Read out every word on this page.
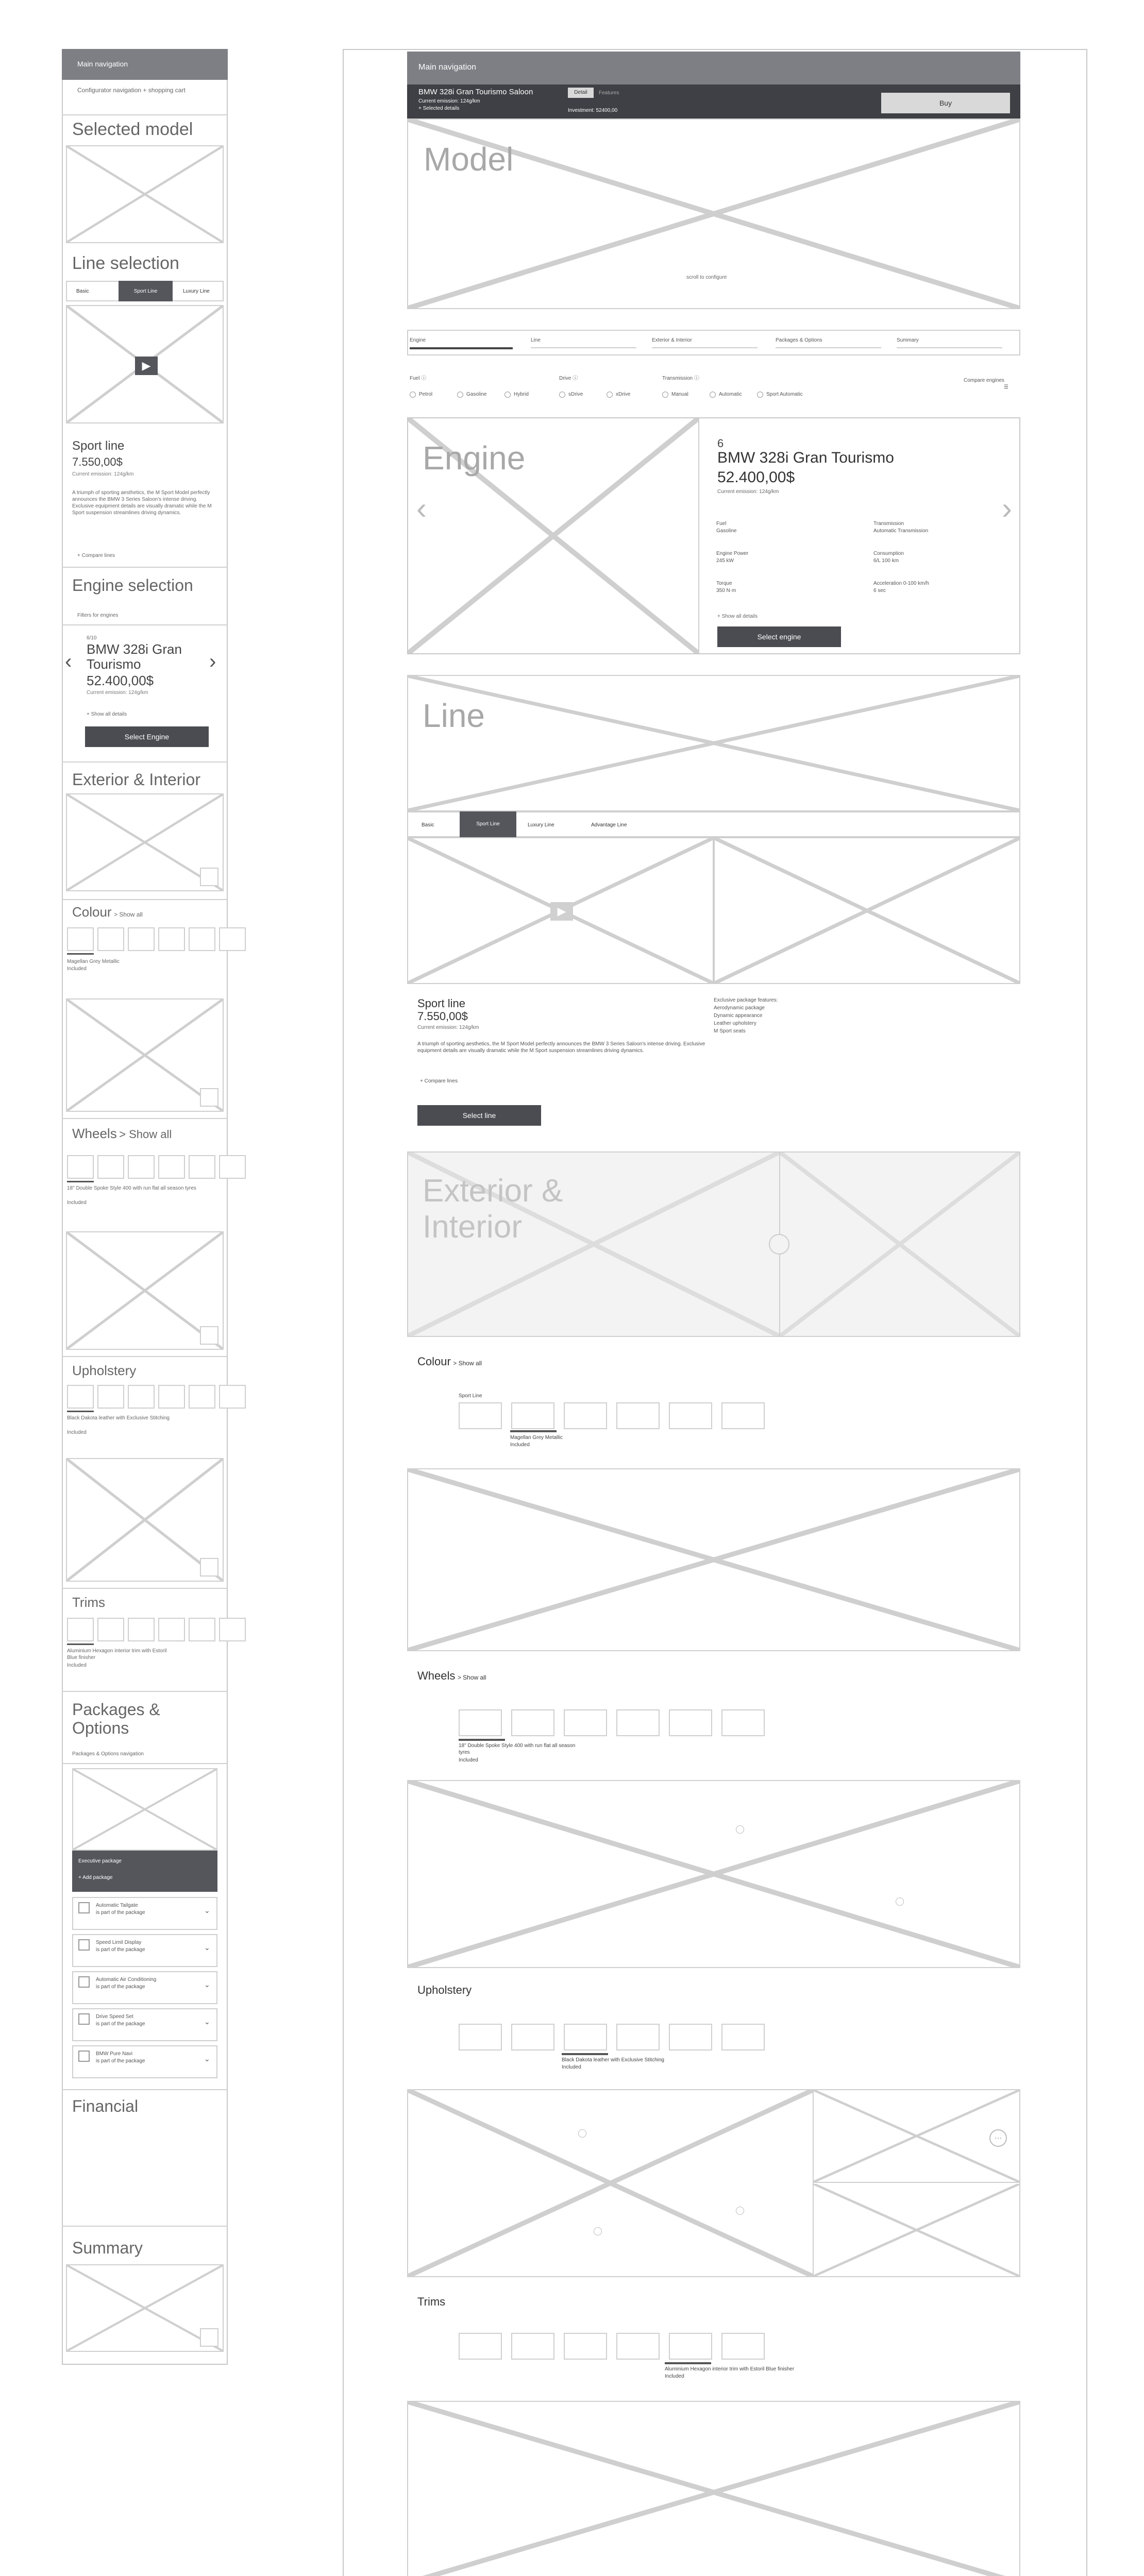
Main navigation
Configurator navigation + shopping cart
Selected model
Line selection
Basic	Sport Line	Luxury Line
▶
Sport line
7.550,00$
Current emission: 124g/km
A triumph of sporting aesthetics, the M Sport Model perfectly announces the BMW 3 Series Saloon's intense driving. Exclusive equipment details are visually dramatic while the M Sport suspension streamlines driving dynamics.
+ Compare lines
Engine selection
Filters for engines
‹	›
6/10
BMW 328i Gran Tourismo
52.400,00$
Current emission: 124g/km
+ Show all details
Select Engine
Exterior & Interior
Colour > Show all
Magellan Grey Metallic
Included
Wheels > Show all
18" Double Spoke Style 400 with run flat all season tyres
Included
Upholstery
Black Dakota leather with Exclusive Stitching
Included
Trims
Aluminium Hexagon interior trim with Estoril Blue finisher
Included
Packages & Options
Packages & Options navigation
Executive package
+ Add package
Financial
Summary
Main navigation
BMW 328i Gran Tourismo Saloon
Current emission: 124g/km
+ Selected details
Detail	Features
Investment: 52400,00
Buy
Model
scroll to configure
Fuel ⓘ	Drive ⓘ	Transmission ⓘ	Compare engines
☰
Engine
‹	›
6
BMW 328i Gran Tourismo
52.400,00$
Current emission: 124g/km
+ Show all details
Select engine
Line
Basic	Sport Line	Luxury Line	Advantage Line
▶
Sport line
7.550,00$
Current emission: 124g/km
A triumph of sporting aesthetics, the M Sport Model perfectly announces the BMW 3 Series Saloon's intense driving. Exclusive equipment details are visually dramatic while the M Sport suspension streamlines driving dynamics.
+ Compare lines
Select line
Exterior & Interior
Colour > Show all
Sport Line
Magellan Grey Metallic
Included
Wheels > Show all
18" Double Spoke Style 400 with run flat all season tyres
Included
Upholstery
Black Dakota leather with Exclusive Stitching
Included
···
Trims
Aluminium Hexagon interior trim with Estoril Blue finisher
Included
Automatic Tailgate
is part of the package	⌄
Speed Limit Display
is part of the package	⌄
Automatic Air Conditioning
is part of the package	⌄
Drive Speed Set
is part of the package	⌄
BMW Pure Navi
is part of the package	⌄
Engine	Line	Exterior & Interior	Packages & Options	Summary
Petrol	Gasoline	Hybrid	sDrive	xDrive	Manual	Automatic	Sport Automatic
Fuel
Gasoline
Transmission
Automatic Transmission
Engine Power
245 kW
Consumption
6/L 100 km
Torque
350 N·m
Acceleration 0-100 km/h
6 sec
Exclusive package features:
Aerodynamic package
Dynamic appearance
Leather upholstery
M Sport seats
